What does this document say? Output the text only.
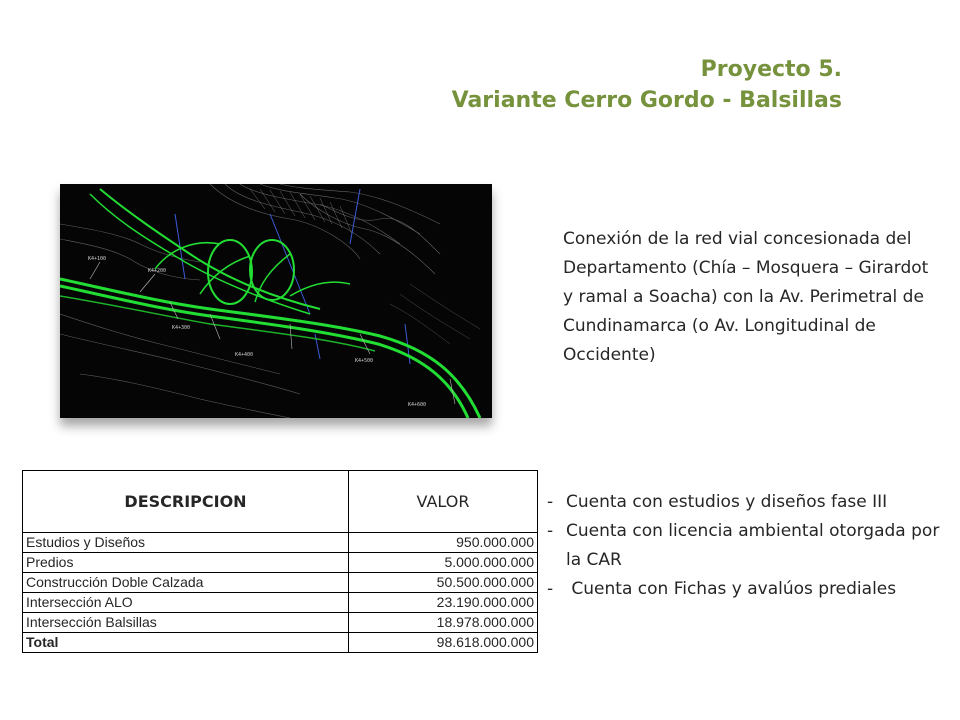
Proyecto 5.
Variante Cerro Gordo - Balsillas
K4+100
K4+200
K4+300
K4+400
K4+500
K4+600
Conexión de la red vial concesionada del Departamento (Chía – Mosquera – Girardot y ramal a Soacha) con la Av. Perimetral de Cundinamarca (o Av. Longitudinal de Occidente)
DESCRIPCION	VALOR
Estudios y Diseños	950.000.000
Predios	5.000.000.000
Construcción Doble Calzada	50.500.000.000
Intersección ALO	23.190.000.000
Intersección Balsillas	18.978.000.000
Total	98.618.000.000
- Cuenta con estudios y diseños fase III
- Cuenta con licencia ambiental otorgada por la CAR
- Cuenta con Fichas y avalúos prediales
